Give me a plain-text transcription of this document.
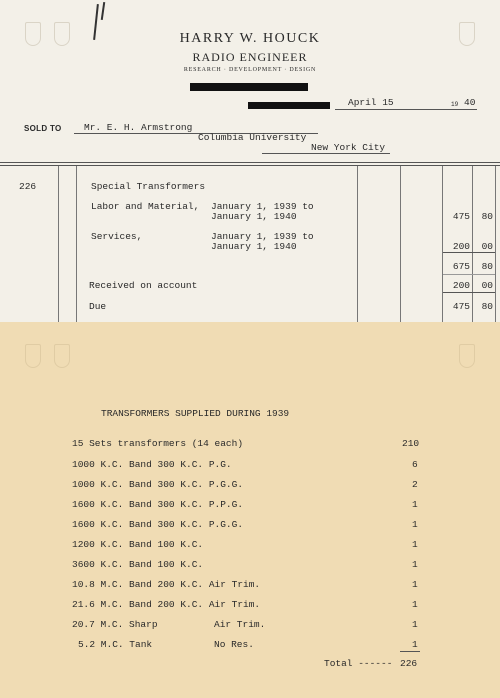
HARRY W. HOUCK
RADIO ENGINEER
RESEARCH · DEVELOPMENT · DESIGN
April 15	19 40
SOLD TO Mr. E. H. Armstrong
Columbia University
New York City
226	Special Transformers
Labor and Material, January 1, 1939 to
January 1, 1940	475	80
Services,	January 1, 1939 to
January 1, 1940	200	00
675	80
Received on account	200	00
Due	475	80
TRANSFORMERS SUPPLIED DURING 1939
15 Sets transformers (14 each)	210
1000 K.C. Band 300 K.C. P.G.	6
1000 K.C. Band 300 K.C. P.G.G.	2
1600 K.C. Band 300 K.C. P.P.G.	1
1600 K.C. Band 300 K.C. P.G.G.	1
1200 K.C. Band 100 K.C.	1
3600 K.C. Band 100 K.C.	1
10.8 M.C. Band 200 K.C. Air Trim.	1
21.6 M.C. Band 200 K.C. Air Trim.	1
20.7 M.C. Sharp	Air Trim.	1
5.2 M.C. Tank	No Res.	1
Total ------ 226
